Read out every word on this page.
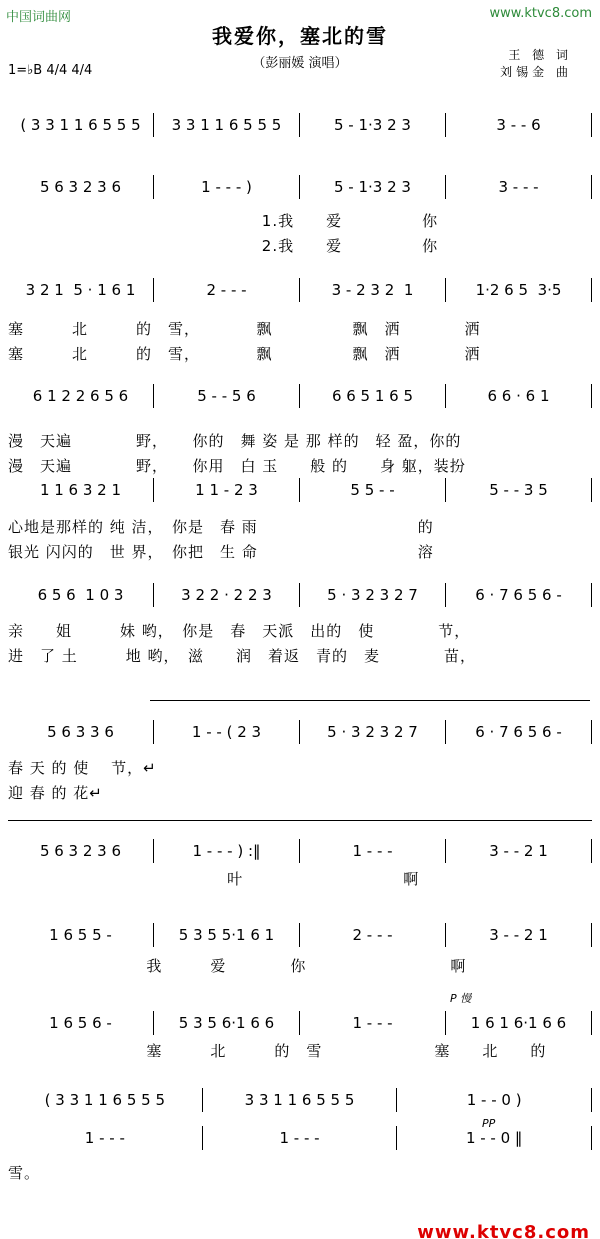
中国词曲网	www.ktvc8.com
我爱你，塞北的雪
（彭丽媛 演唱）
1=♭B 4/4 4/4
王 德 词
刘锡金 曲
( 3 3 1 1 6 5 5 5	3 3 1 1 6 5 5 5	5 - 1·3 2 3	3 - - 6
5 6 3 2 3 6	1 - - - )	5 - 1·3 2 3	3 - - -
1.我　　爱　　　　　你
2.我　　爱　　　　　你
3 2 1  5 · 1 6 1	2 - - -	3 - 2 3 2  1	1·2 6 5  3·5
塞　　　北　　　的　雪，　　　　飘　　　　　飘　洒　　　　洒
塞　　　北　　　的　雪，　　　　飘　　　　　飘　洒　　　　洒
6 1 2 2 6 5 6	5 - - 5 6	6 6 5 1 6 5	6 6 · 6 1
漫　天遍　　　　野，　　你的　舞 姿 是 那 样的　轻 盈，你的
漫　天遍　　　　野，　　你用　白 玉　　般 的　　身 躯，装扮
1 1 6 3 2 1	1 1 - 2 3	5 5 - -	5 - - 3 5
心地是那样的 纯 洁，　你是　春 雨　　　　　　　　　　的
银光 闪闪的　世 界，　你把　生 命　　　　　　　　　　溶
6 5 6  1 0 3	3 2 2 · 2 2 3	5 · 3 2 3 2 7	6 · 7 6 5 6 -
亲　　姐　　　妹 哟，　你是　春　天派　出的　使　　　　节，
进　了 土　　　地 哟，　滋　　润　着返　青的　麦　　　　苗，
5 6 3 3 6	1 - - ( 2 3	5 · 3 2 3 2 7	6 · 7 6 5 6 -
春 天 的 使　 节，↵
迎 春 的 花↵
5 6 3 2 3 6	1 - - - ) :‖	1 - - -	3 - - 2 1
叶　　　　　　　　　　啊
1 6 5 5 -	5 3 5 5·1 6 1	2 - - -	3 - - 2 1
我　　　爱　　　　你　　　　　　　　　啊
1 6 5 6 -	5 3 5 6·1 6 6	1 - - -	1 6 1 6·1 6 6
塞　　　北　　　的　雪　　　　　　　塞　　北　　的
P 慢
( 3 3 1 1 6 5 5 5	3 3 1 1 6 5 5 5	1 - - 0 )
1 - - -	1 - - -	1 - - 0 ‖
雪。
PP
www.ktvc8.com
